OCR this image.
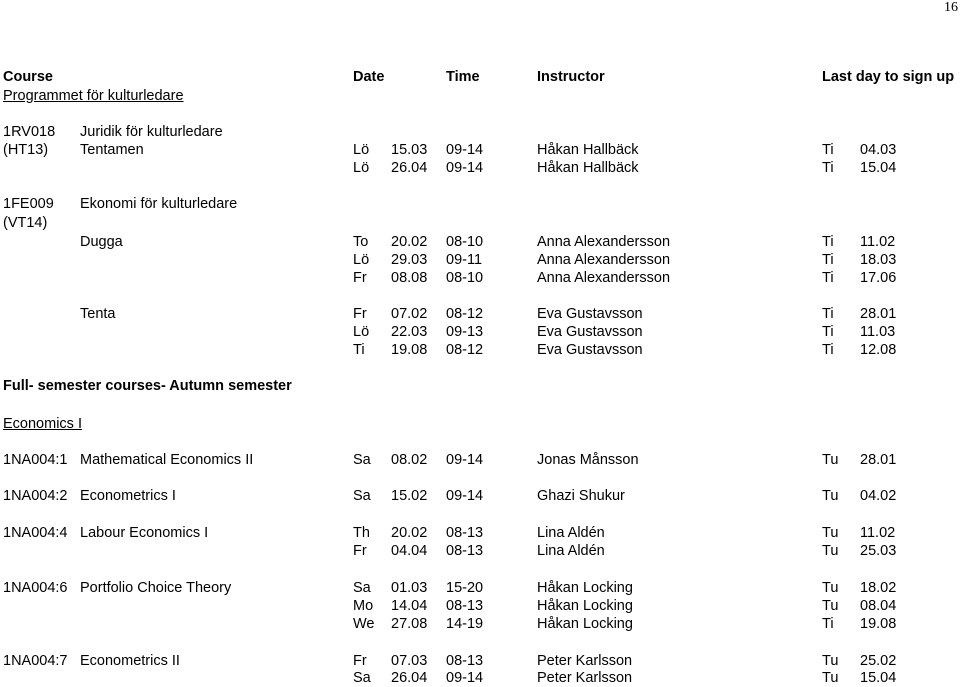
16
Course	Date	Time	Instructor	Last day to sign up
Programmet för kulturledare
1RV018 Juridik för kulturledare
(HT13) Tentamen	Lö 15.03 09-14	Håkan Hallbäck	Ti 04.03
Lö 26.04 09-14	Håkan Hallbäck	Ti 15.04
1FE009 Ekonomi för kulturledare
(VT14)
Dugga	To 20.02 08-10	Anna Alexandersson	Ti 11.02
Lö 29.03 09-11	Anna Alexandersson	Ti 18.03
Fr 08.08 08-10	Anna Alexandersson	Ti 17.06
Tenta	Fr 07.02 08-12	Eva Gustavsson	Ti 28.01
Lö 22.03 09-13	Eva Gustavsson	Ti 11.03
Ti 19.08 08-12	Eva Gustavsson	Ti 12.08
Full- semester courses- Autumn semester
Economics I
1NA004:1 Mathematical Economics II	Sa 08.02 09-14	Jonas Månsson	Tu 28.01
1NA004:2 Econometrics I	Sa 15.02 09-14	Ghazi Shukur	Tu 04.02
1NA004:4 Labour Economics I	Th 20.02 08-13	Lina Aldén	Tu 11.02
Fr 04.04 08-13	Lina Aldén	Tu 25.03
1NA004:6 Portfolio Choice Theory	Sa 01.03 15-20	Håkan Locking	Tu 18.02
Mo 14.04 08-13	Håkan Locking	Tu 08.04
We 27.08 14-19	Håkan Locking	Ti 19.08
1NA004:7 Econometrics II	Fr 07.03 08-13	Peter Karlsson	Tu 25.02
Sa 26.04 09-14	Peter Karlsson	Tu 15.04
